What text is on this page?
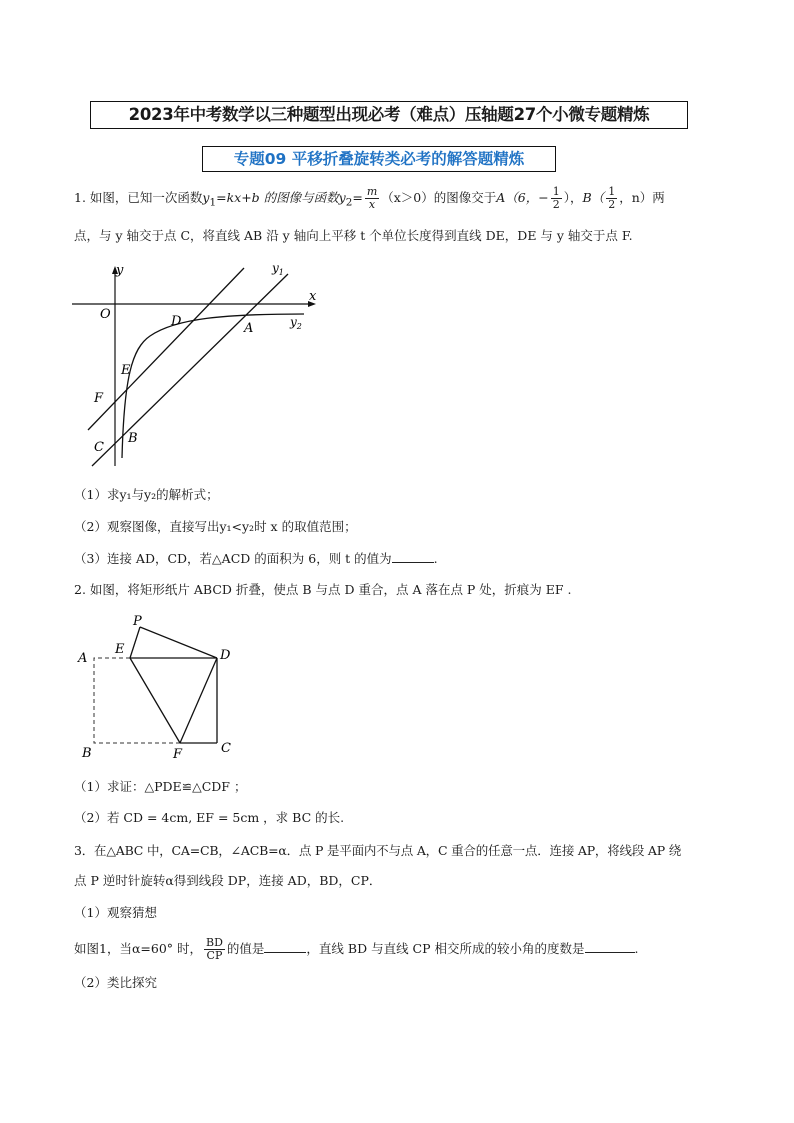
2023年中考数学以三种题型出现必考（难点）压轴题27个小微专题精炼
专题09 平移折叠旋转类必考的解答题精炼
1. 如图，已知一次函数$y_1=kx+b$ 的图像与函数$y_2= \frac{m}{x} (x>0)$的图像交于A（6，− $\frac{1}{2}$ ），$B( \frac{1}{2}$ ，n）两
点，与 y 轴交于点 C，将直线 AB 沿 y 轴向上平移 t 个单位长度得到直线 DE，DE 与 y 轴交于点 F.
y
x
O	D	A
E
F
C
B
$y_1$
$y_2$
（1）求y₁与y₂的解析式；
（2）观察图像，直接写出y₁<y₂时 x 的取值范围；
（3）连接 AD，CD，若△ACD 的面积为 6，则 t 的值为	.
2. 如图，将矩形纸片 ABCD 折叠，使点 B 与点 D 重合，点 A 落在点 P 处，折痕为 EF .
P
E
A	D
B	F	C
（1）求证：△PDE≌△CDF ；
（2）若 CD = 4cm, EF = 5cm ，求 BC 的长.
3．在△ABC 中，CA=CB，∠ACB=α．点 P 是平面内不与点 A，C 重合的任意一点．连接 AP，将线段 AP 绕
点 P 逆时针旋转α得到线段 DP，连接 AD，BD，CP．
（1）观察猜想
如图1，当α=60° 时， $\frac{BD}{CP}$ 的值是	，直线 BD 与直线 CP 相交所成的较小角的度数是	.
（2）类比探究
